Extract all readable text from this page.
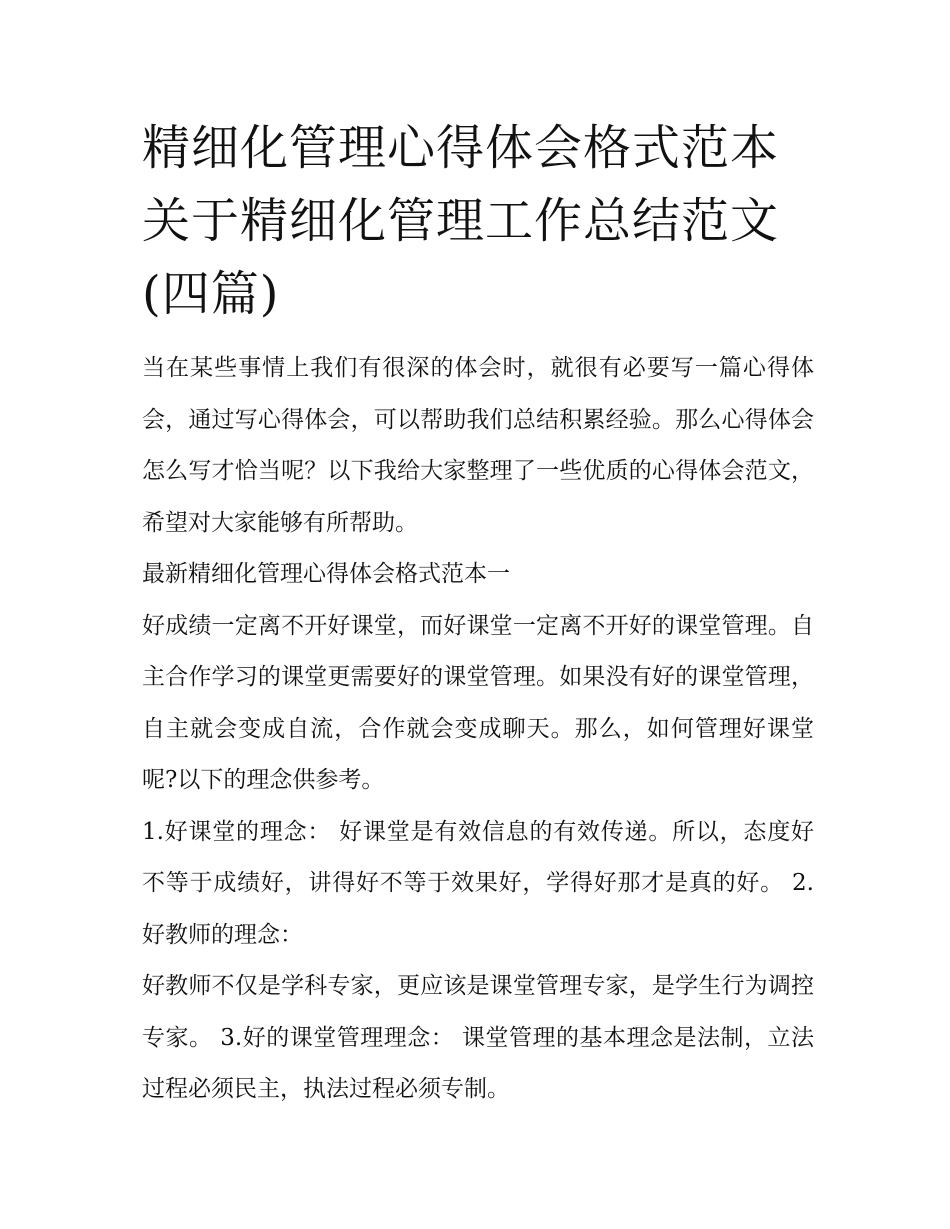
精细化管理心得体会格式范本
关于精细化管理工作总结范文
(四篇)

当在某些事情上我们有很深的体会时，就很有必要写一篇心得体会，通过写心得体会，可以帮助我们总结积累经验。那么心得体会怎么写才恰当呢？以下我给大家整理了一些优质的心得体会范文，希望对大家能够有所帮助。

最新精细化管理心得体会格式范本一

好成绩一定离不开好课堂，而好课堂一定离不开好的课堂管理。自主合作学习的课堂更需要好的课堂管理。如果没有好的课堂管理，自主就会变成自流，合作就会变成聊天。那么，如何管理好课堂呢?以下的理念供参考。

1.好课堂的理念： 好课堂是有效信息的有效传递。所以，态度好不等于成绩好，讲得好不等于效果好，学得好那才是真的好。 2.好教师的理念：

好教师不仅是学科专家，更应该是课堂管理专家，是学生行为调控专家。 3.好的课堂管理理念： 课堂管理的基本理念是法制，立法过程必须民主，执法过程必须专制。
